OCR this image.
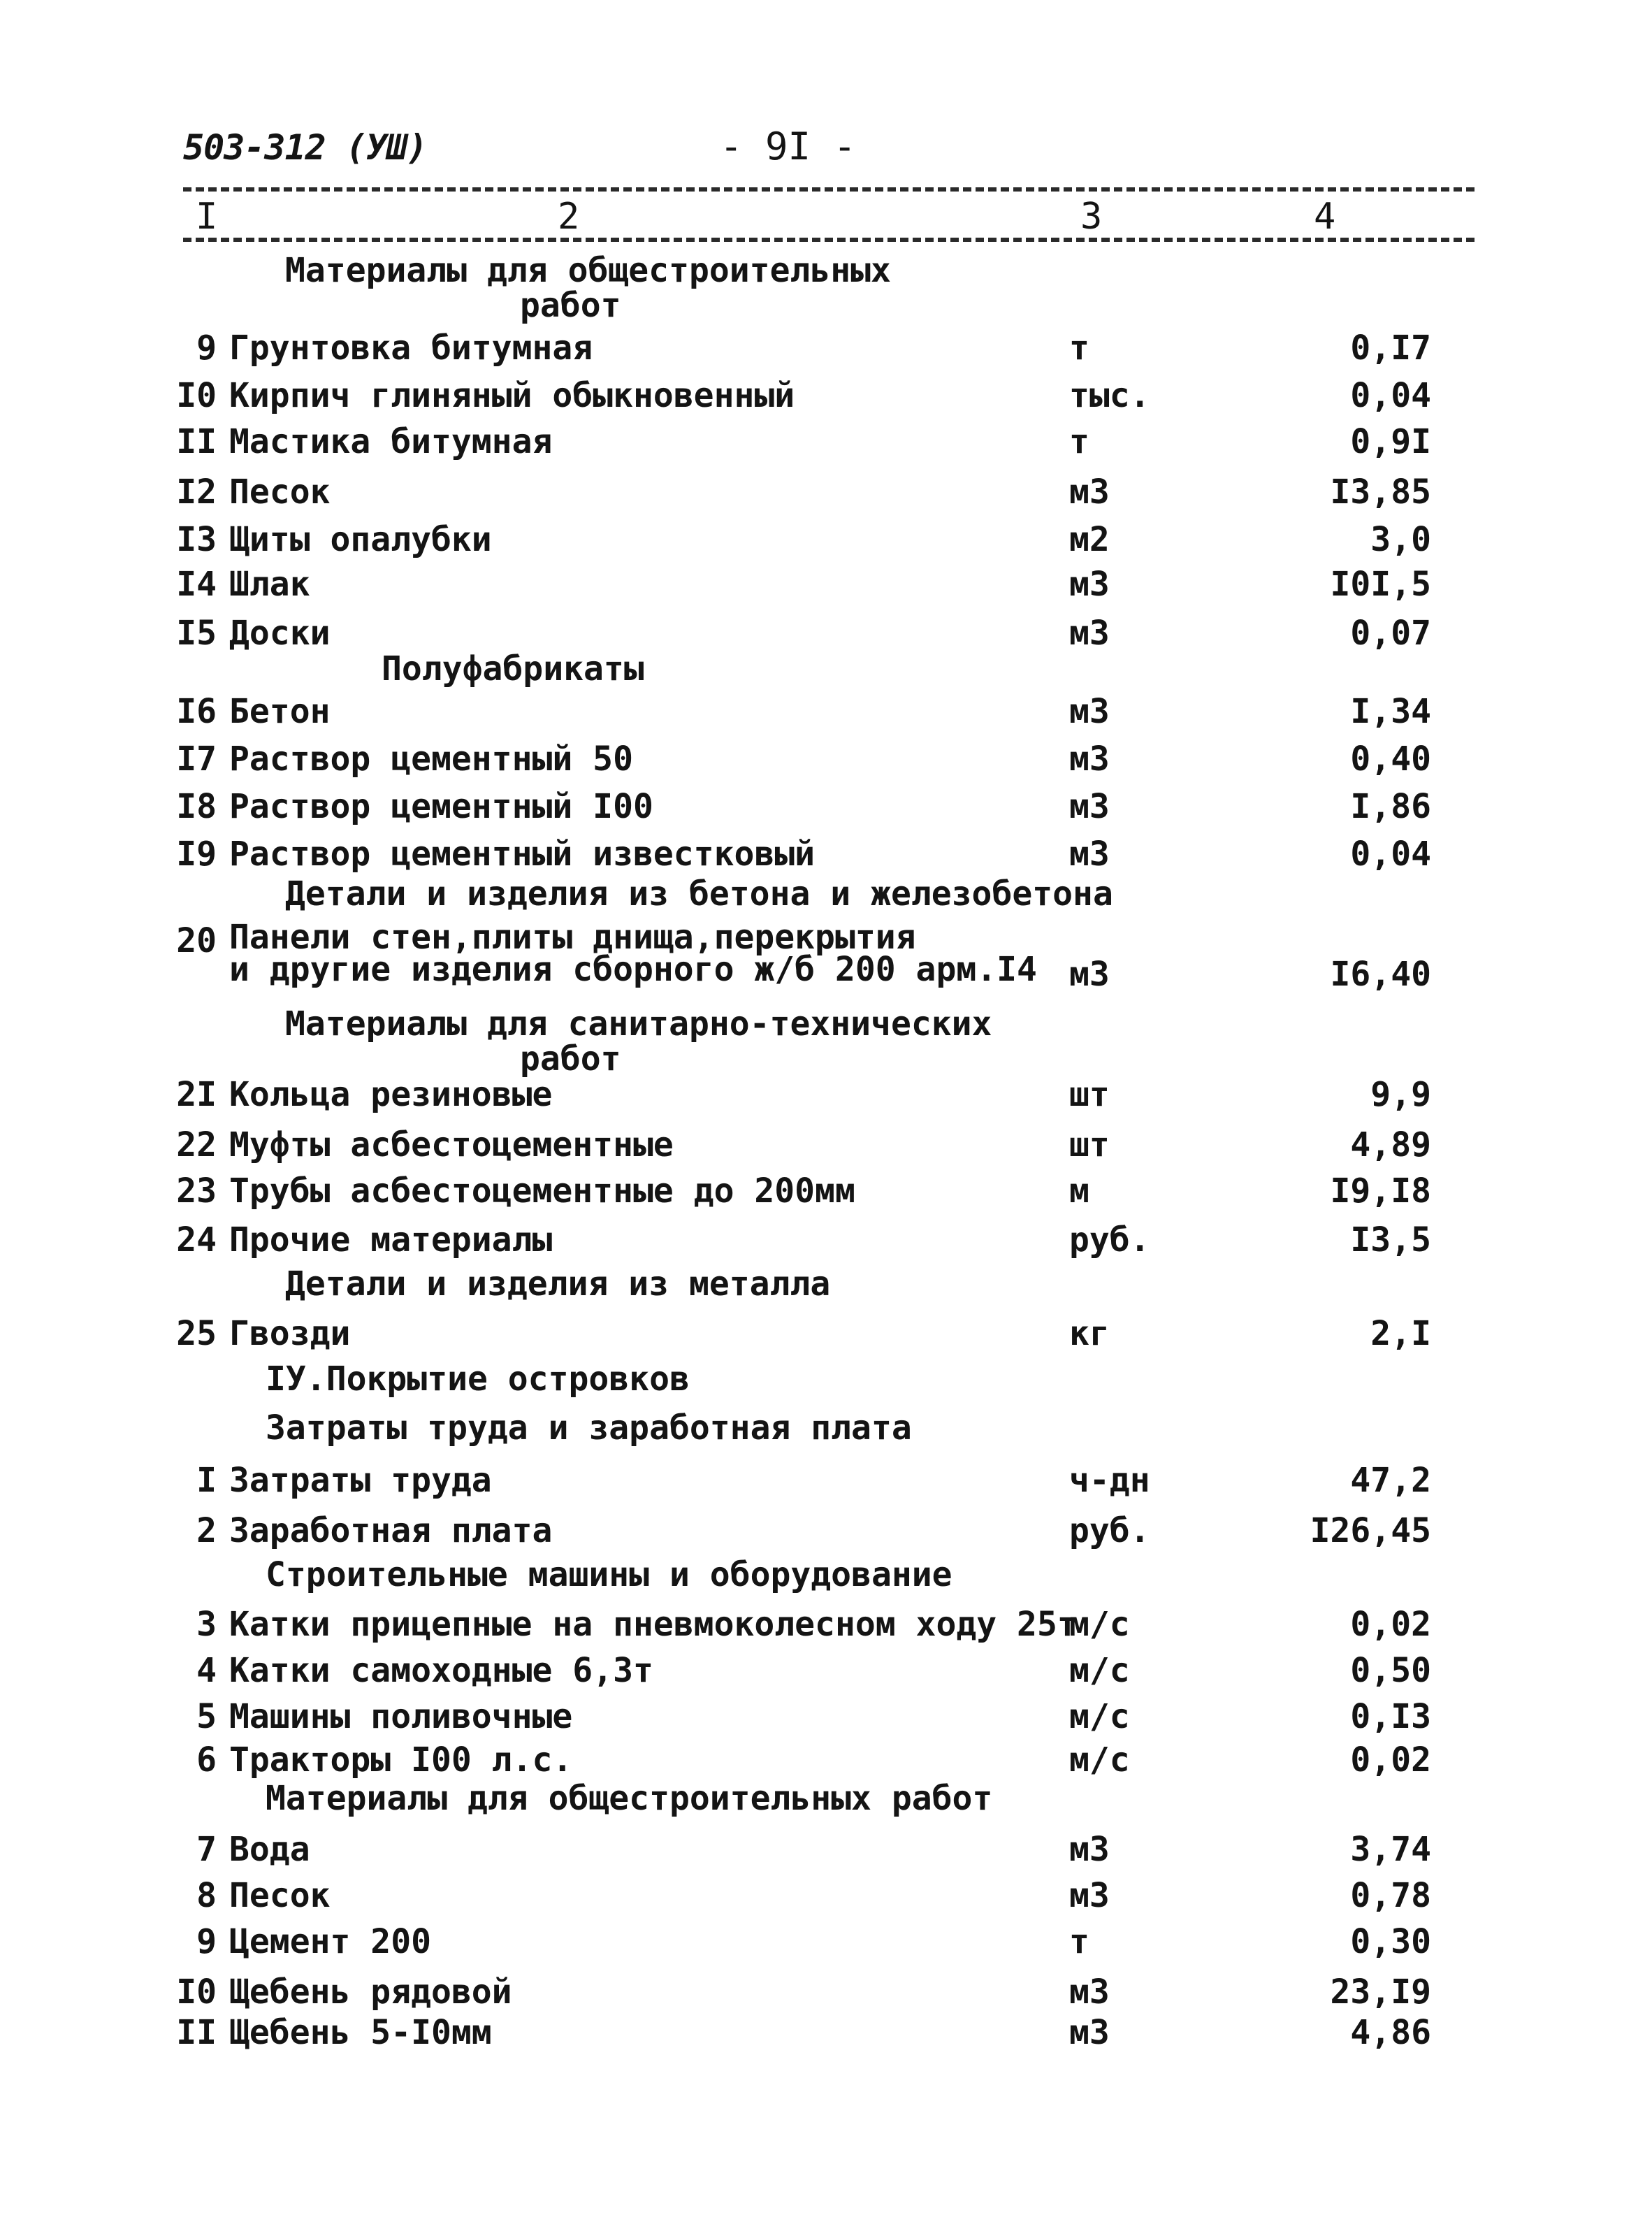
503-312 (УШ)	- 9I -
I	2	3	4
Материалы для общестроительных
работ
9 Грунтовка битумная	т	0,I7
I0 Кирпич глиняный обыкновенный	тыс.	0,04
II Мастика битумная	т	0,9I
I2 Песок	м3	I3,85
I3 Щиты опалубки	м2	3,0
I4 Шлак	м3	I0I,5
I5 Доски	м3	0,07
Полуфабрикаты
I6 Бетон	м3	I,34
I7 Раствор цементный 50	м3	0,40
I8 Раствор цементный I00	м3	I,86
I9 Раствор цементный известковый	м3	0,04
Детали и изделия из бетона и железобетона
20 Панели стен,плиты днища,перекрытия
и другие изделия сборного ж/б 200 арм.I4 м3	I6,40
Материалы для санитарно-технических
работ
2I Кольца резиновые	шт	9,9
22 Муфты асбестоцементные	шт	4,89
23 Трубы асбестоцементные до 200мм	м	I9,I8
24 Прочие материалы	руб.	I3,5
Детали и изделия из металла
25 Гвозди	кг	2,I
IУ.Покрытие островков
Затраты труда и заработная плата
I Затраты труда	ч-дн	47,2
2 Заработная плата	руб.	I26,45
Строительные машины и оборудование
3 Катки прицепные на пневмоколесном ходу 25т
м/с	0,02
4 Катки самоходные 6,3т	м/с	0,50
5 Машины поливочные	м/с	0,I3
6 Тракторы I00 л.с.	м/с	0,02
Материалы для общестроительных работ
7 Вода	м3	3,74
8 Песок	м3	0,78
9 Цемент 200	т	0,30
I0 Щебень рядовой	м3	23,I9
II Щебень 5-I0мм	м3	4,86
